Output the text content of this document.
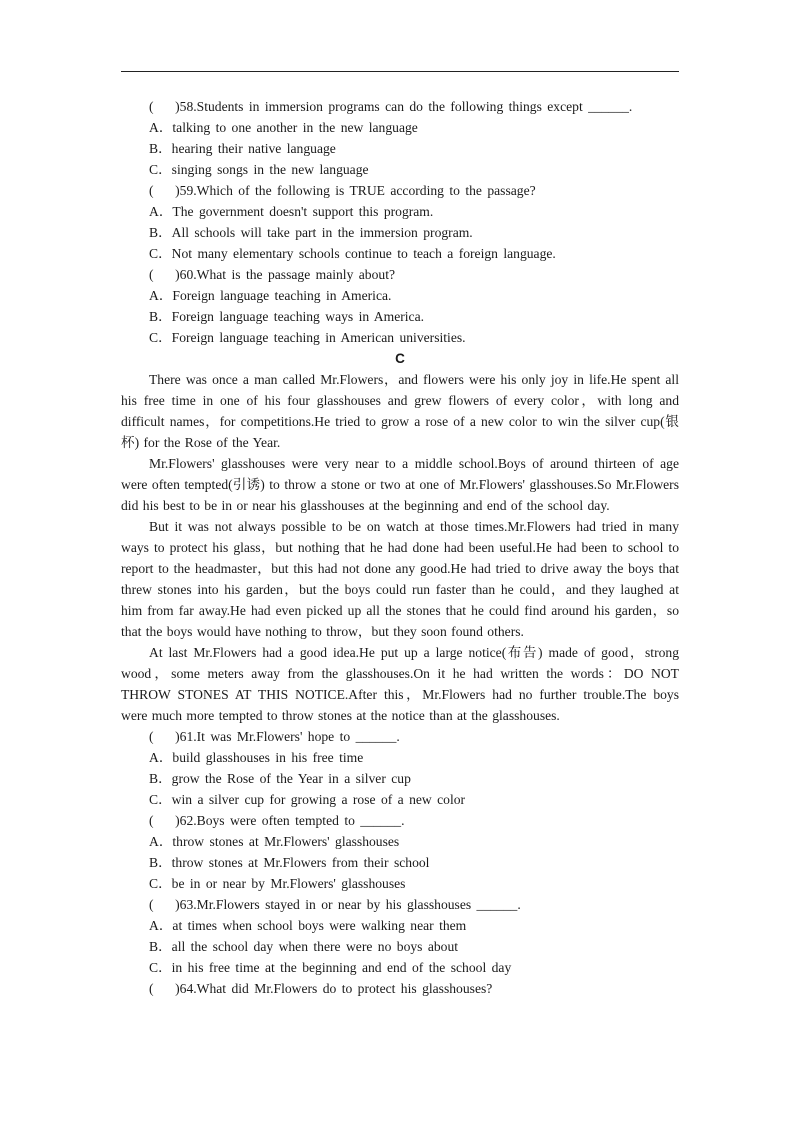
(    )58.Students in immersion programs can do the following things except ______.
A．talking to one another in the new language
B．hearing their native language
C．singing songs in the new language
(    )59.Which of the following is TRUE according to the passage?
A．The government doesn't support this program.
B．All schools will take part in the immersion program.
C．Not many elementary schools continue to teach a foreign language.
(    )60.What is the passage mainly about?
A．Foreign language teaching in America.
B．Foreign language teaching ways in America.
C．Foreign language teaching in American universities.
C

There was once a man called Mr.Flowers，and flowers were his only joy in life.He spent all his free time in one of his four glasshouses and grew flowers of every color，with long and difficult names，for competitions.He tried to grow a rose of a new color to win the silver cup(银杯) for the Rose of the Year.

Mr.Flowers' glasshouses were very near to a middle school.Boys of around thirteen of age were often tempted(引诱) to throw a stone or two at one of Mr.Flowers' glasshouses.So Mr.Flowers did his best to be in or near his glasshouses at the beginning and end of the school day.

But it was not always possible to be on watch at those times.Mr.Flowers had tried in many ways to protect his glass，but nothing that he had done had been useful.He had been to school to report to the headmaster，but this had not done any good.He had tried to drive away the boys that threw stones into his garden，but the boys could run faster than he could，and they laughed at him from far away.He had even picked up all the stones that he could find around his garden，so that the boys would have nothing to throw，but they soon found others.

At last Mr.Flowers had a good idea.He put up a large notice(布告) made of good，strong wood，some meters away from the glasshouses.On it he had written the words：DO NOT THROW STONES AT THIS NOTICE.After this，Mr.Flowers had no further trouble.The boys were much more tempted to throw stones at the notice than at the glasshouses.

(    )61.It was Mr.Flowers' hope to ______.
A．build glasshouses in his free time
B．grow the Rose of the Year in a silver cup
C．win a silver cup for growing a rose of a new color
(    )62.Boys were often tempted to ______.
A．throw stones at Mr.Flowers' glasshouses
B．throw stones at Mr.Flowers from their school
C．be in or near by Mr.Flowers' glasshouses
(    )63.Mr.Flowers stayed in or near by his glasshouses ______.
A．at times when school boys were walking near them
B．all the school day when there were no boys about
C．in his free time at the beginning and end of the school day
(    )64.What did Mr.Flowers do to protect his glasshouses?
